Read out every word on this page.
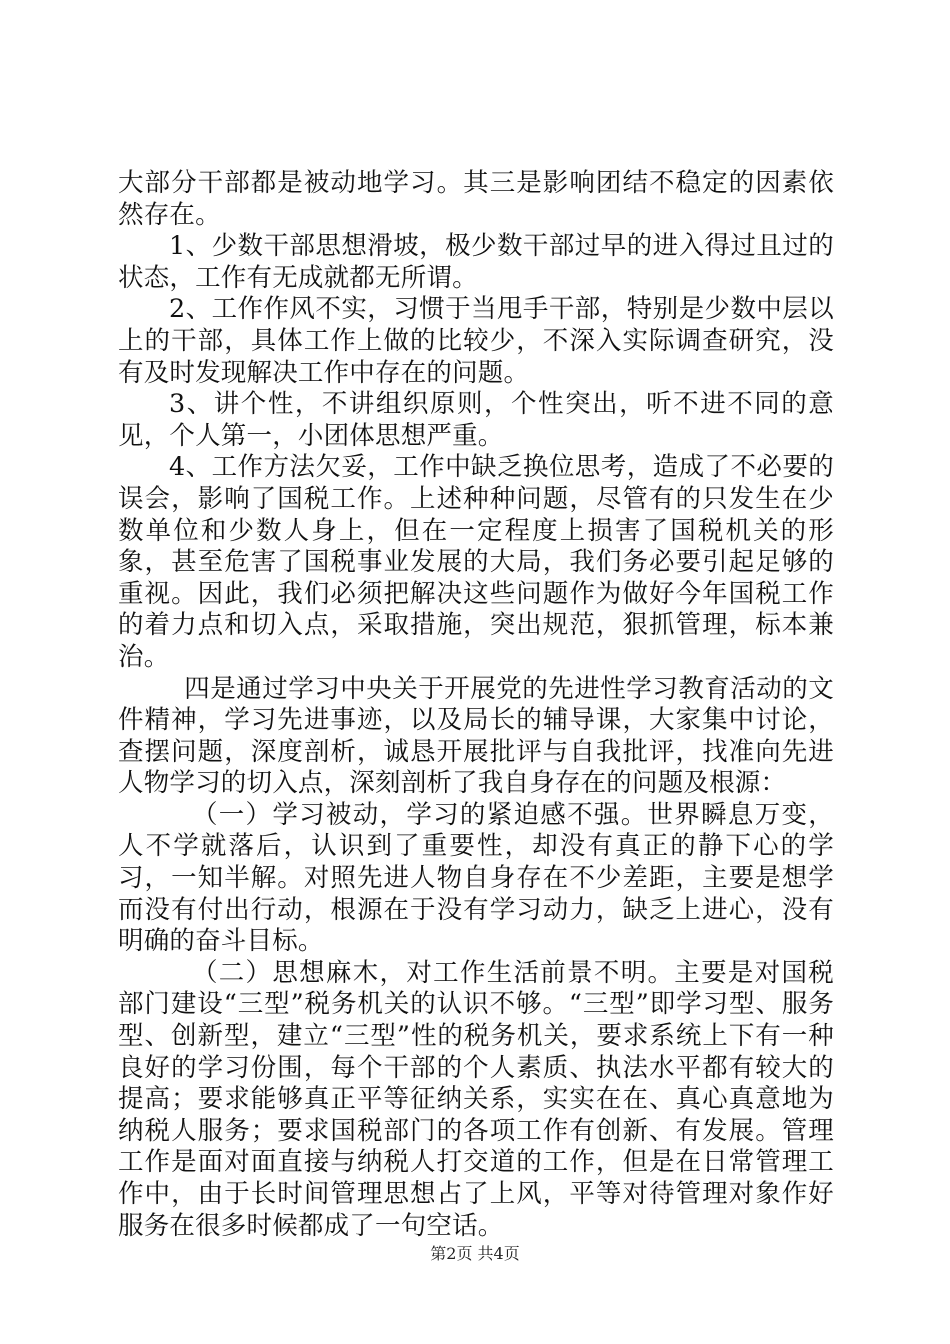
大部分干部都是被动地学习。其三是影响团结不稳定的因素依然存在。

1、少数干部思想滑坡，极少数干部过早的进入得过且过的状态，工作有无成就都无所谓。

2、工作作风不实，习惯于当甩手干部，特别是少数中层以上的干部，具体工作上做的比较少，不深入实际调查研究，没有及时发现解决工作中存在的问题。

3、讲个性，不讲组织原则，个性突出，听不进不同的意见，个人第一，小团体思想严重。

4、工作方法欠妥，工作中缺乏换位思考，造成了不必要的误会，影响了国税工作。上述种种问题，尽管有的只发生在少数单位和少数人身上，但在一定程度上损害了国税机关的形象，甚至危害了国税事业发展的大局，我们务必要引起足够的重视。因此，我们必须把解决这些问题作为做好今年国税工作的着力点和切入点，采取措施，突出规范，狠抓管理，标本兼治。

四是通过学习中央关于开展党的先进性学习教育活动的文件精神，学习先进事迹，以及局长的辅导课，大家集中讨论，查摆问题，深度剖析，诚恳开展批评与自我批评，找准向先进人物学习的切入点，深刻剖析了我自身存在的问题及根源：

（一）学习被动，学习的紧迫感不强。世界瞬息万变，人不学就落后，认识到了重要性，却没有真正的静下心的学习，一知半解。对照先进人物自身存在不少差距，主要是想学而没有付出行动，根源在于没有学习动力，缺乏上进心，没有明确的奋斗目标。

（二）思想麻木，对工作生活前景不明。主要是对国税部门建设“三型”税务机关的认识不够。“三型”即学习型、服务型、创新型，建立“三型”性的税务机关，要求系统上下有一种良好的学习份围，每个干部的个人素质、执法水平都有较大的提高；要求能够真正平等征纳关系，实实在在、真心真意地为纳税人服务；要求国税部门的各项工作有创新、有发展。管理工作是面对面直接与纳税人打交道的工作，但是在日常管理工作中，由于长时间管理思想占了上风，平等对待管理对象作好服务在很多时候都成了一句空话。

第2页 共4页
